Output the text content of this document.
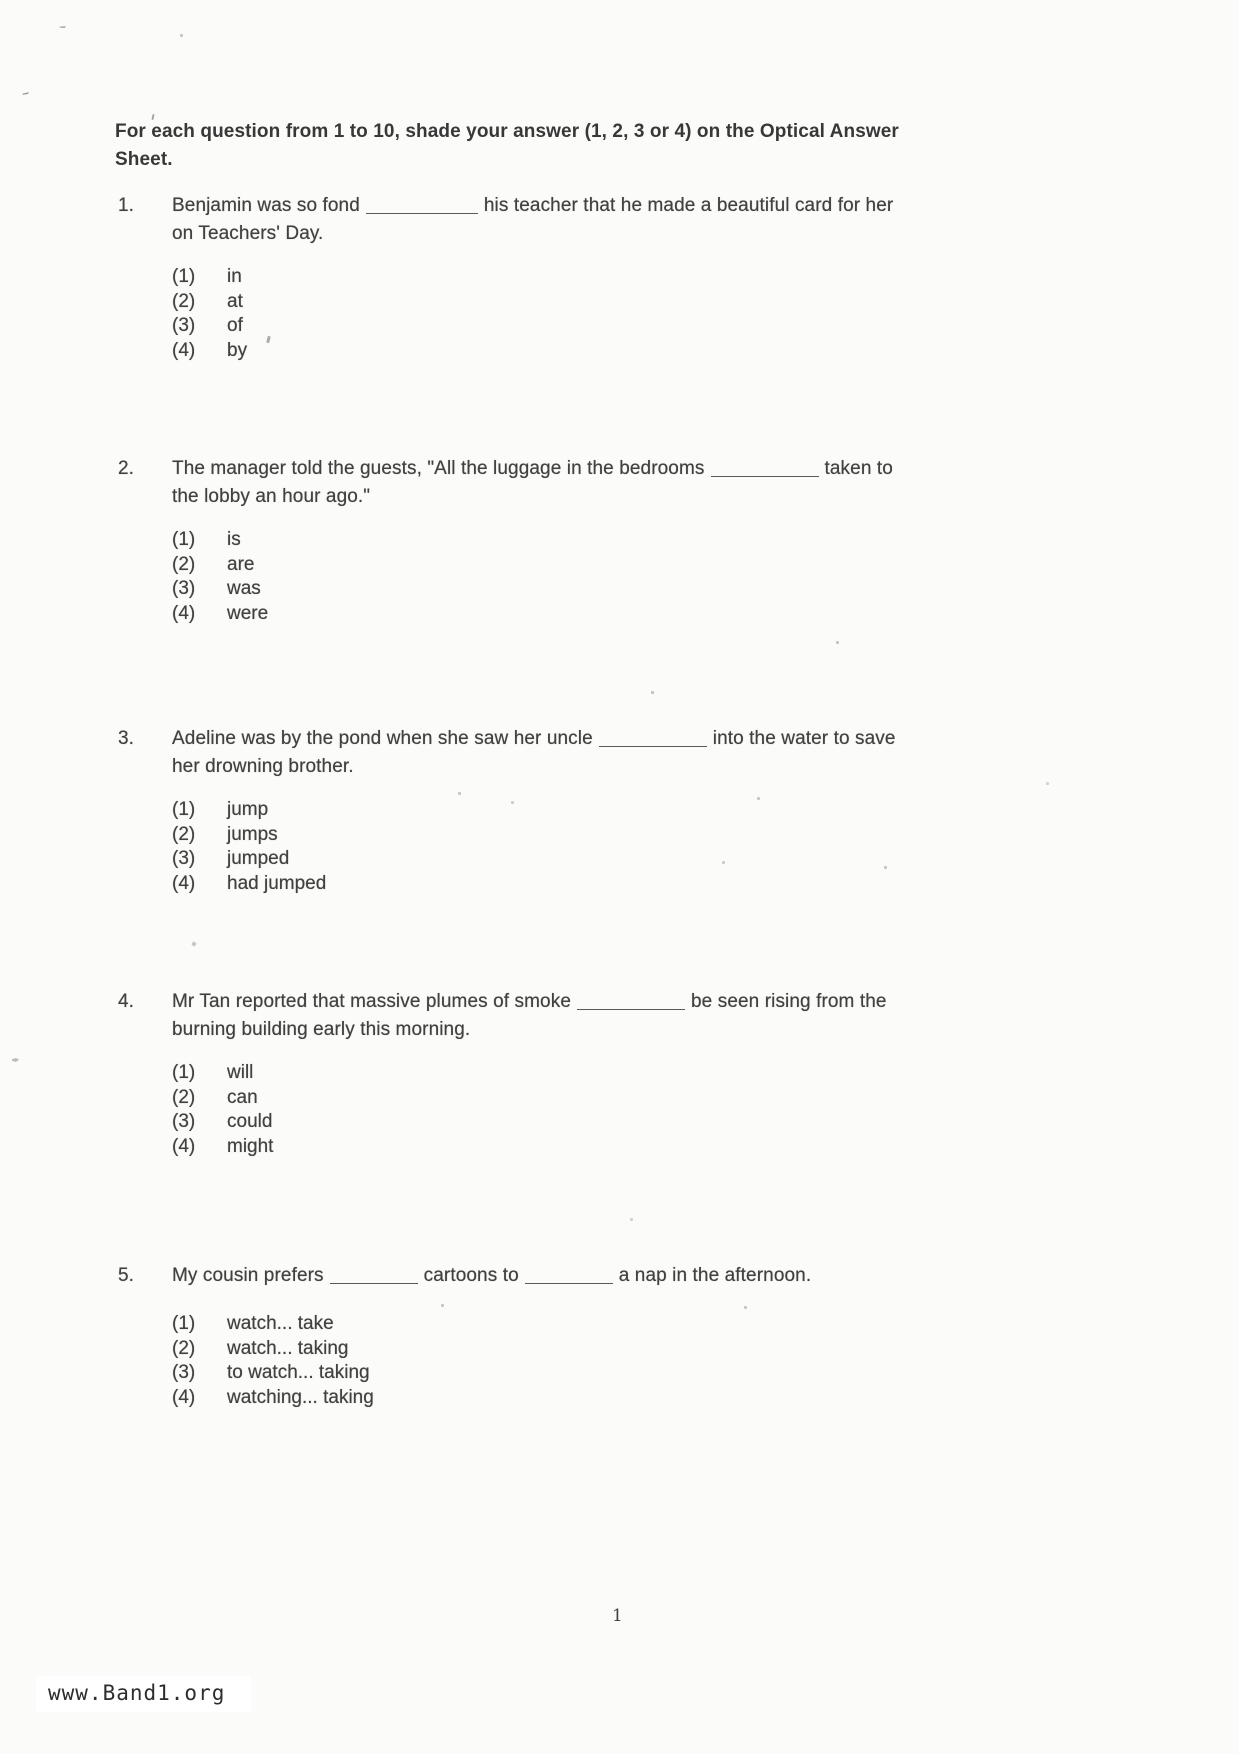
For each question from 1 to 10, shade your answer (1, 2, 3 or 4) on the Optical Answer
Sheet.
1.	Benjamin was so fond	his teacher that he made a beautiful card for her

on Teachers' Day.

(1) in
(2) at
(3) of
(4) by
2.	The manager told the guests, "All the luggage in the bedrooms	taken to

the lobby an hour ago."

(1) is
(2) are
(3) was
(4) were
3.	Adeline was by the pond when she saw her uncle	into the water to save

her drowning brother.

(1) jump
(2) jumps
(3) jumped
(4) had jumped
4.	Mr Tan reported that massive plumes of smoke	be seen rising from the

burning building early this morning.

(1) will
(2) can
(3) could
(4) might
5.	My cousin prefers	cartoons to	a nap in the afternoon.

(1) watch... take
(2) watch... taking
(3) to watch... taking
(4) watching... taking
1
www.Band1.org
